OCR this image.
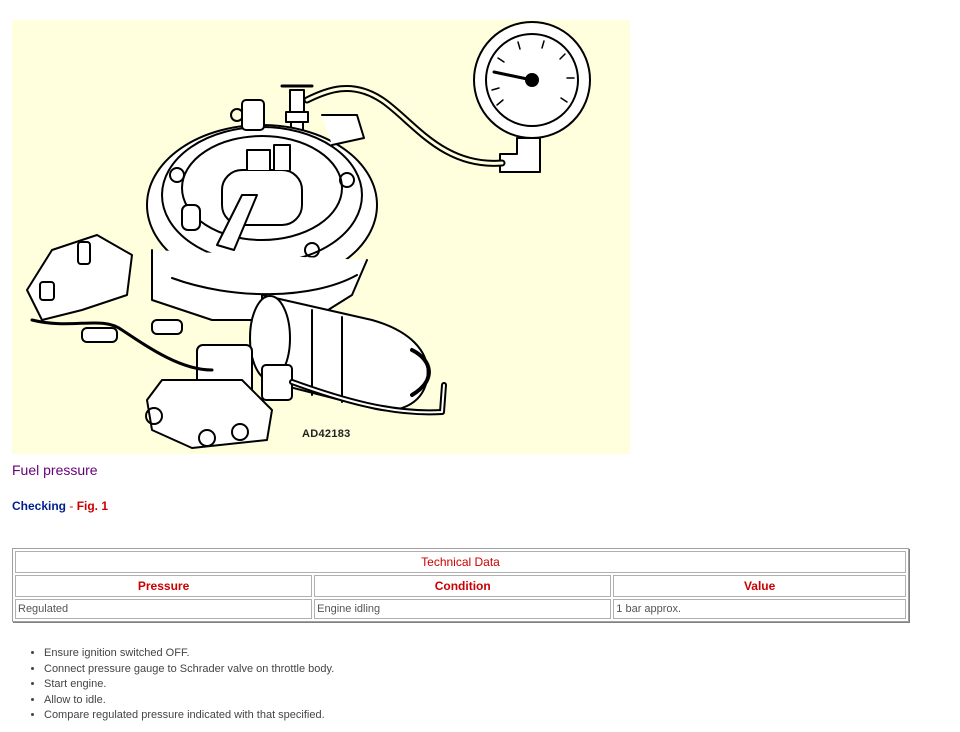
AD42183
Fuel pressure
Checking - Fig. 1
Technical Data		
Pressure	Condition	Value
Regulated	Engine idling	1 bar approx.
• Ensure ignition switched OFF.
• Connect pressure gauge to Schrader valve on throttle body.
• Start engine.
• Allow to idle.
• Compare regulated pressure indicated with that specified.
